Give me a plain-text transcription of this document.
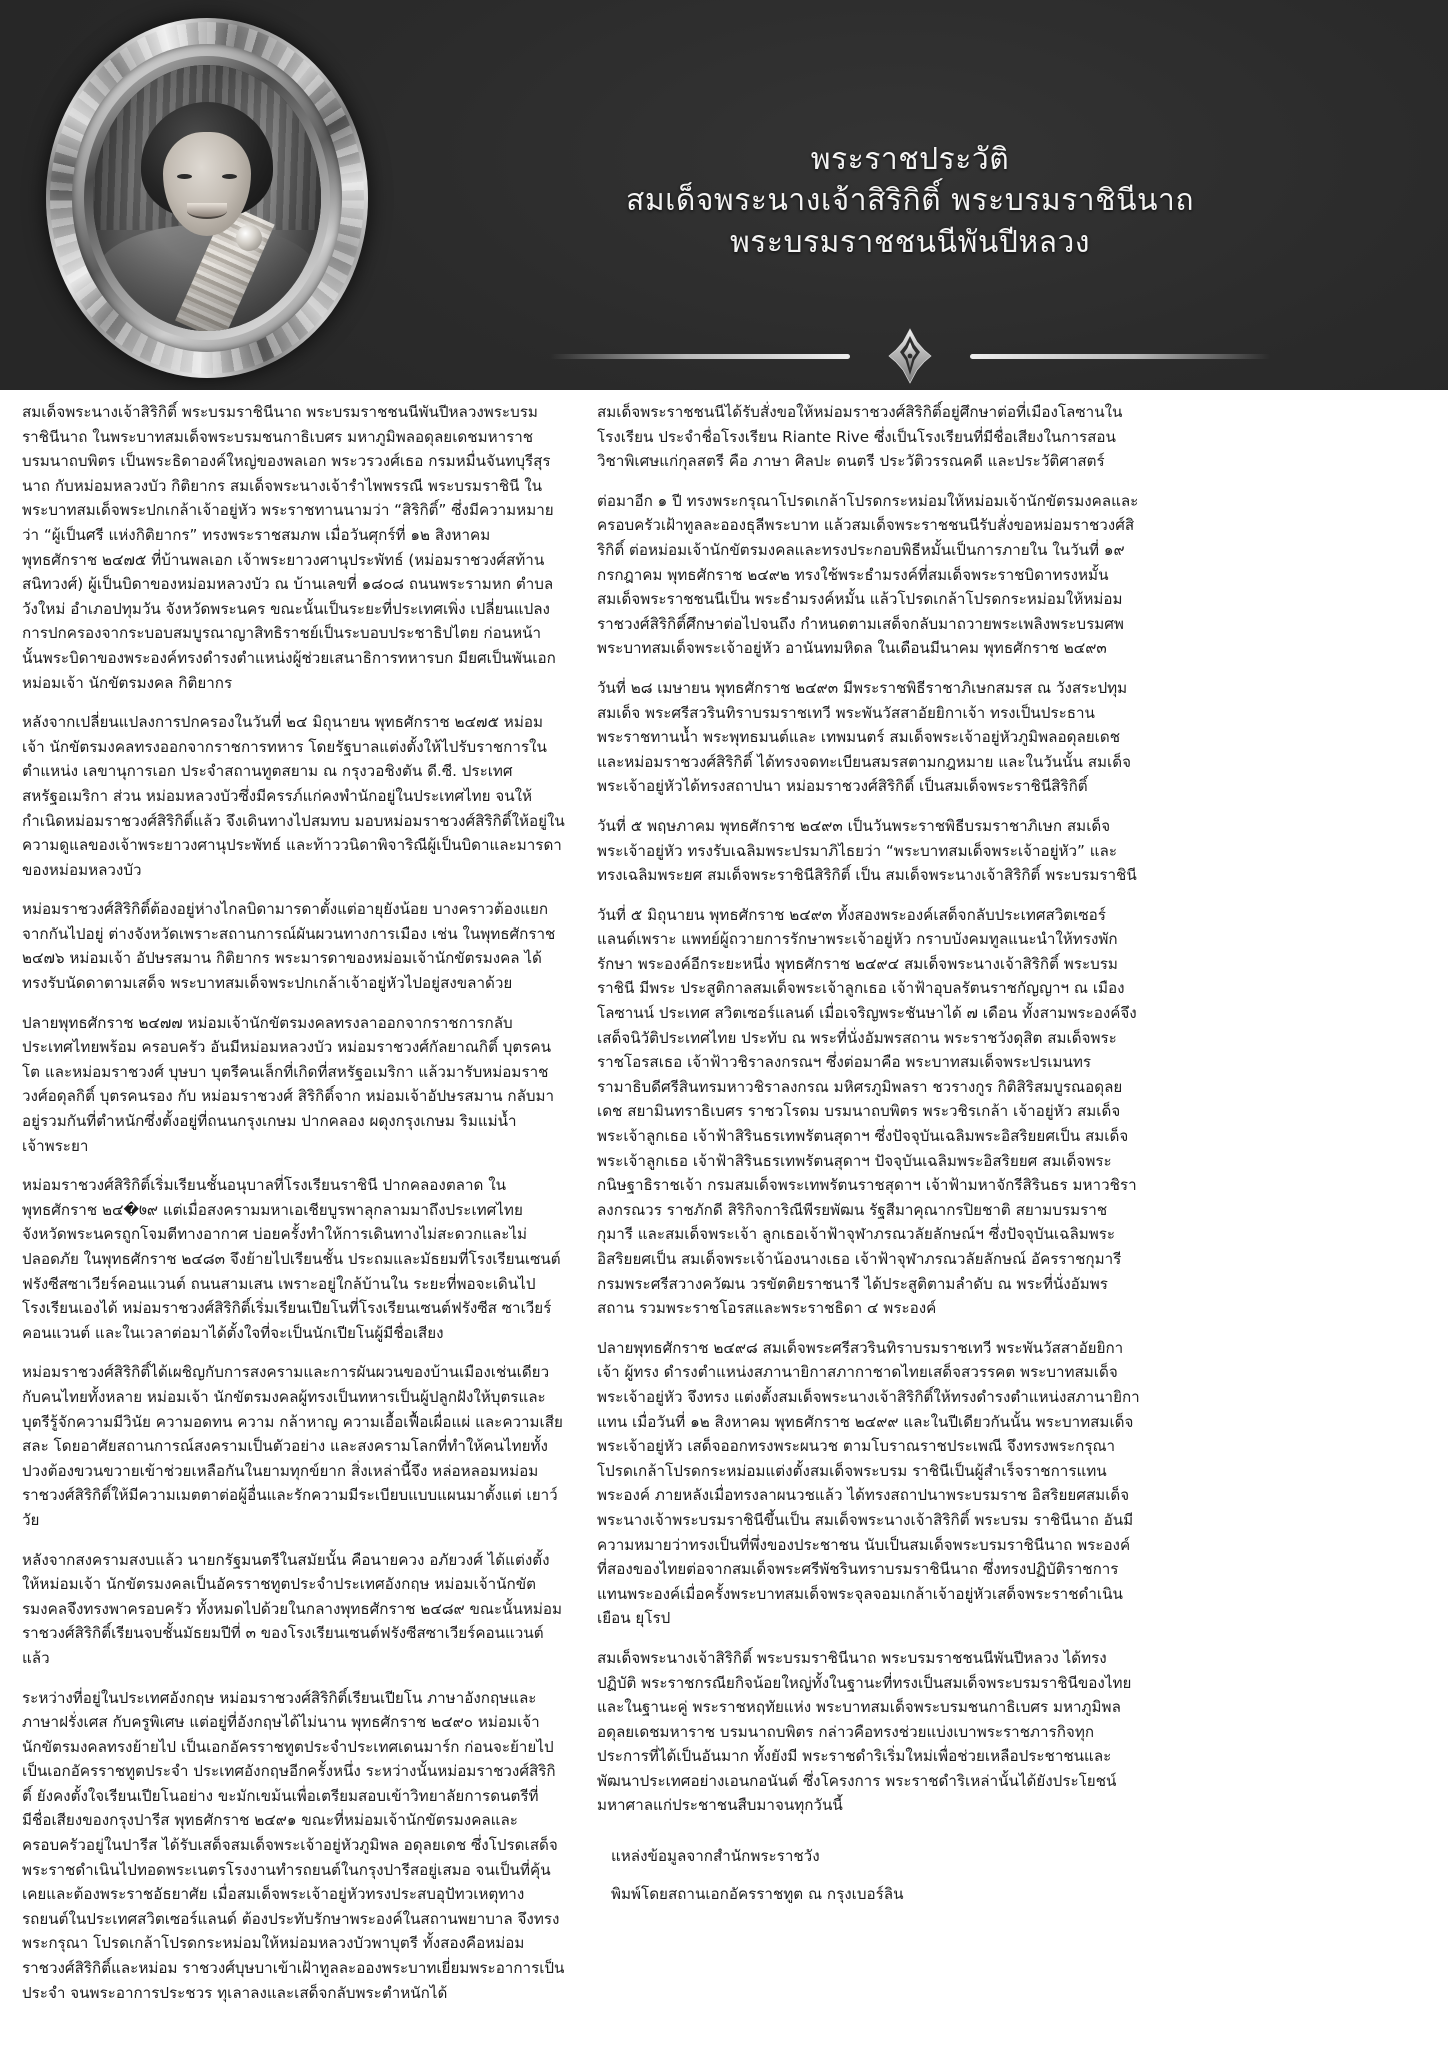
พระราชประวัติ
สมเด็จพระนางเจ้าสิริกิติ์ พระบรมราชินีนาถ
พระบรมราชชนนีพันปีหลวง

สมเด็จพระนางเจ้าสิริกิติ์ พระบรมราชินีนาถ พระบรมราชชนนีพันปีหลวงพระบรมราชินีนาถ ในพระบาทสมเด็จพระบรมชนกาธิเบศร มหาภูมิพลอดุลยเดชมหาราช บรมนาถบพิตร เป็นพระธิดาองค์ใหญ่ของพลเอก พระวรวงศ์เธอ กรมหมื่นจันทบุรีสุรนาถ กับหม่อมหลวงบัว กิติยากร สมเด็จพระนางเจ้ารำไพพรรณี พระบรมราชินี ในพระบาทสมเด็จพระปกเกล้าเจ้าอยู่หัว พระราชทานนามว่า “สิริกิติ์” ซึ่งมีความหมายว่า “ผู้เป็นศรี แห่งกิติยากร” ทรงพระราชสมภพ เมื่อวันศุกร์ที่ ๑๒ สิงหาคม พุทธศักราช ๒๔๗๕ ที่บ้านพลเอก เจ้าพระยาวงศานุประพัทธ์ (หม่อมราชวงศ์สท้าน สนิทวงศ์) ผู้เป็นบิดาของหม่อมหลวงบัว ณ บ้านเลขที่ ๑๘๐๘ ถนนพระรามหก ตำบลวังใหม่ อำเภอปทุมวัน จังหวัดพระนคร ขณะนั้นเป็นระยะที่ประเทศเพิ่ง เปลี่ยนแปลงการปกครองจากระบอบสมบูรณาญาสิทธิราชย์เป็นระบอบประชาธิปไตย ก่อนหน้า นั้นพระบิดาของพระองค์ทรงดำรงตำแหน่งผู้ช่วยเสนาธิการทหารบก มียศเป็นพันเอก หม่อมเจ้า นักขัตรมงคล กิติยากร

หลังจากเปลี่ยนแปลงการปกครองในวันที่ ๒๔ มิถุนายน พุทธศักราช ๒๔๗๕ หม่อมเจ้า นักขัตรมงคลทรงออกจากราชการทหาร โดยรัฐบาลแต่งตั้งให้ไปรับราชการในตำแหน่ง เลขานุการเอก ประจำสถานทูตสยาม ณ กรุงวอชิงตัน ดี.ซี. ประเทศสหรัฐอเมริกา ส่วน หม่อมหลวงบัวซึ่งมีครรภ์แก่คงพำนักอยู่ในประเทศไทย จนให้กำเนิดหม่อมราชวงศ์สิริกิติ์แล้ว จึงเดินทางไปสมทบ มอบหม่อมราชวงศ์สิริกิติ์ให้อยู่ในความดูแลของเจ้าพระยาวงศานุประพัทธ์ และท้าววนิดาพิจาริณีผู้เป็นบิดาและมารดาของหม่อมหลวงบัว

หม่อมราชวงศ์สิริกิติ์ต้องอยู่ห่างไกลบิดามารดาตั้งแต่อายุยังน้อย บางคราวต้องแยกจากกันไปอยู่ ต่างจังหวัดเพราะสถานการณ์ผันผวนทางการเมือง เช่น ในพุทธศักราช ๒๔๗๖ หม่อมเจ้า อัปษรสมาน กิติยากร พระมารดาของหม่อมเจ้านักขัตรมงคล ได้ทรงรับนัดดาตามเสด็จ พระบาทสมเด็จพระปกเกล้าเจ้าอยู่หัวไปอยู่สงขลาด้วย

ปลายพุทธศักราช ๒๔๗๗ หม่อมเจ้านักขัตรมงคลทรงลาออกจากราชการกลับประเทศไทยพร้อม ครอบครัว อันมีหม่อมหลวงบัว หม่อมราชวงศ์กัลยาณกิติ์ บุตรคนโต และหม่อมราชวงศ์ บุษบา บุตรีคนเล็กที่เกิดที่สหรัฐอเมริกา แล้วมารับหม่อมราชวงศ์อดุลกิติ์ บุตรคนรอง กับ หม่อมราชวงศ์ สิริกิติ์จาก หม่อมเจ้าอัปษรสมาน กลับมาอยู่รวมกันที่ตำหนักซึ่งตั้งอยู่ที่ถนนกรุงเกษม ปากคลอง ผดุงกรุงเกษม ริมแม่น้ำเจ้าพระยา

หม่อมราชวงศ์สิริกิติ์เริ่มเรียนชั้นอนุบาลที่โรงเรียนราชินี ปากคลองตลาด ในพุทธศักราช ๒๔�७๙ แต่เมื่อสงครามมหาเอเชียบูรพาลุกลามมาถึงประเทศไทย จังหวัดพระนครถูกโจมตีทางอากาศ บ่อยครั้งทำให้การเดินทางไม่สะดวกและไม่ปลอดภัย ในพุทธศักราช ๒๔๘๓ จึงย้ายไปเรียนชั้น ประถมและมัธยมที่โรงเรียนเซนต์ฟรังซีสซาเวียร์คอนแวนต์ ถนนสามเสน เพราะอยู่ใกล้บ้านใน ระยะที่พอจะเดินไปโรงเรียนเองได้ หม่อมราชวงศ์สิริกิติ์เริ่มเรียนเปียโนที่โรงเรียนเซนต์ฟรังซีส ซาเวียร์คอนแวนต์ และในเวลาต่อมาได้ตั้งใจที่จะเป็นนักเปียโนผู้มีชื่อเสียง

หม่อมราชวงศ์สิริกิติ์ได้เผชิญกับการสงครามและการผันผวนของบ้านเมืองเช่นเดียวกับคนไทยทั้งหลาย หม่อมเจ้า นักขัตรมงคลผู้ทรงเป็นทหารเป็นผู้ปลูกฝังให้บุตรและบุตรีรู้จักความมีวินัย ความอดทน ความ กล้าหาญ ความเอื้อเฟื้อเผื่อแผ่ และความเสียสละ โดยอาศัยสถานการณ์สงครามเป็นตัวอย่าง และสงครามโลกที่ทำให้คนไทยทั้งปวงต้องขวนขวายเข้าช่วยเหลือกันในยามทุกข์ยาก สิ่งเหล่านี้จึง หล่อหลอมหม่อมราชวงศ์สิริกิติ์ให้มีความเมตตาต่อผู้อื่นและรักความมีระเบียบแบบแผนมาตั้งแต่ เยาว์วัย

หลังจากสงครามสงบแล้ว นายกรัฐมนตรีในสมัยนั้น คือนายควง อภัยวงศ์ ได้แต่งตั้งให้หม่อมเจ้า นักขัตรมงคลเป็นอัครราชทูตประจำประเทศอังกฤษ หม่อมเจ้านักขัตรมงคลจึงทรงพาครอบครัว ทั้งหมดไปด้วยในกลางพุทธศักราช ๒๔๘๙ ขณะนั้นหม่อมราชวงศ์สิริกิติ์เรียนจบชั้นมัธยมปีที่ ๓ ของโรงเรียนเซนต์ฟรังซีสซาเวียร์คอนแวนต์แล้ว

ระหว่างที่อยู่ในประเทศอังกฤษ หม่อมราชวงศ์สิริกิติ์เรียนเปียโน ภาษาอังกฤษและภาษาฝรั่งเศส กับครูพิเศษ แต่อยู่ที่อังกฤษได้ไม่นาน พุทธศักราช ๒๔๙๐ หม่อมเจ้านักขัตรมงคลทรงย้ายไป เป็นเอกอัครราชทูตประจำประเทศเดนมาร์ก ก่อนจะย้ายไปเป็นเอกอัครราชทูตประจำ ประเทศอังกฤษอีกครั้งหนึ่ง ระหว่างนั้นหม่อมราชวงศ์สิริกิติ์ ยังคงตั้งใจเรียนเปียโนอย่าง ขะมักเขม้นเพื่อเตรียมสอบเข้าวิทยาลัยการดนตรีที่มีชื่อเสียงของกรุงปารีส พุทธศักราช ๒๔๙๑ ขณะที่หม่อมเจ้านักขัตรมงคลและครอบครัวอยู่ในปารีส ได้รับเสด็จสมเด็จพระเจ้าอยู่หัวภูมิพล อดุลยเดช ซึ่งโปรดเสด็จพระราชดำเนินไปทอดพระเนตรโรงงานทำรถยนต์ในกรุงปารีสอยู่เสมอ จนเป็นที่คุ้นเคยและต้องพระราชอัธยาศัย เมื่อสมเด็จพระเจ้าอยู่หัวทรงประสบอุปัทวเหตุทาง รถยนต์ในประเทศสวิตเซอร์แลนด์ ต้องประทับรักษาพระองค์ในสถานพยาบาล จึงทรงพระกรุณา โปรดเกล้าโปรดกระหม่อมให้หม่อมหลวงบัวพาบุตรี ทั้งสองคือหม่อมราชวงศ์สิริกิติ์และหม่อม ราชวงศ์บุษบาเข้าเฝ้าทูลละอองพระบาทเยี่ยมพระอาการเป็นประจำ จนพระอาการประชวร ทุเลาลงและเสด็จกลับพระตำหนักได้

สมเด็จพระราชชนนีได้รับสั่งขอให้หม่อมราชวงศ์สิริกิติ์อยู่ศึกษาต่อที่เมืองโลซานในโรงเรียน ประจำชื่อโรงเรียน Riante Rive ซึ่งเป็นโรงเรียนที่มีชื่อเสียงในการสอนวิชาพิเศษแก่กุลสตรี คือ ภาษา ศิลปะ ดนตรี ประวัติวรรณคดี และประวัติศาสตร์

ต่อมาอีก ๑ ปี ทรงพระกรุณาโปรดเกล้าโปรดกระหม่อมให้หม่อมเจ้านักขัตรมงคลและ ครอบครัวเฝ้าทูลละอองธุลีพระบาท แล้วสมเด็จพระราชชนนีรับสั่งขอหม่อมราชวงศ์สิริกิติ์ ต่อหม่อมเจ้านักขัตรมงคลและทรงประกอบพิธีหมั้นเป็นการภายใน ในวันที่ ๑๙ กรกฎาคม พุทธศักราช ๒๔๙๒ ทรงใช้พระธำมรงค์ที่สมเด็จพระราชบิดาทรงหมั้นสมเด็จพระราชชนนีเป็น พระธำมรงค์หมั้น แล้วโปรดเกล้าโปรดกระหม่อมให้หม่อมราชวงศ์สิริกิติ์ศึกษาต่อไปจนถึง กำหนดตามเสด็จกลับมาถวายพระเพลิงพระบรมศพพระบาทสมเด็จพระเจ้าอยู่หัว อานันทมหิดล ในเดือนมีนาคม พุทธศักราช ๒๔๙๓

วันที่ ๒๘ เมษายน พุทธศักราช ๒๔๙๓ มีพระราชพิธีราชาภิเษกสมรส ณ วังสระปทุม สมเด็จ พระศรีสวรินทิราบรมราชเทวี พระพันวัสสาอัยยิกาเจ้า ทรงเป็นประธานพระราชทานน้ำ พระพุทธมนต์และ เทพมนตร์ สมเด็จพระเจ้าอยู่หัวภูมิพลอดุลยเดช และหม่อมราชวงศ์สิริกิติ์ ได้ทรงจดทะเบียนสมรสตามกฎหมาย และในวันนั้น สมเด็จพระเจ้าอยู่หัวได้ทรงสถาปนา หม่อมราชวงศ์สิริกิติ์ เป็นสมเด็จพระราชินีสิริกิติ์

วันที่ ๕ พฤษภาคม พุทธศักราช ๒๔๙๓ เป็นวันพระราชพิธีบรมราชาภิเษก สมเด็จ พระเจ้าอยู่หัว ทรงรับเฉลิมพระปรมาภิไธยว่า “พระบาทสมเด็จพระเจ้าอยู่หัว” และ ทรงเฉลิมพระยศ สมเด็จพระราชินีสิริกิติ์ เป็น สมเด็จพระนางเจ้าสิริกิติ์ พระบรมราชินี

วันที่ ๕ มิถุนายน พุทธศักราช ๒๔๙๓ ทั้งสองพระองค์เสด็จกลับประเทศสวิตเซอร์แลนด์เพราะ แพทย์ผู้ถวายการรักษาพระเจ้าอยู่หัว กราบบังคมทูลแนะนำให้ทรงพักรักษา พระองค์อีกระยะหนึ่ง พุทธศักราช ๒๔๙๔ สมเด็จพระนางเจ้าสิริกิติ์ พระบรมราชินี มีพระ ประสูติกาลสมเด็จพระเจ้าลูกเธอ เจ้าฟ้าอุบลรัตนราชกัญญาฯ ณ เมืองโลซานน์ ประเทศ สวิตเซอร์แลนด์ เมื่อเจริญพระชันษาได้ ๗ เดือน ทั้งสามพระองค์จึงเสด็จนิวัติประเทศไทย ประทับ ณ พระที่นั่งอัมพรสถาน พระราชวังดุสิต สมเด็จพระราชโอรสเธอ เจ้าฟ้าวชิราลงกรณฯ ซึ่งต่อมาคือ พระบาทสมเด็จพระปรเมนทรรามาธิบดีศรีสินทรมหาวชิราลงกรณ มหิศรภูมิพลรา ชวรางกูร กิติสิริสมบูรณอดุลยเดช สยามินทราธิเบศร ราชวโรดม บรมนาถบพิตร พระวชิรเกล้า เจ้าอยู่หัว สมเด็จพระเจ้าลูกเธอ เจ้าฟ้าสิรินธรเทพรัตนสุดาฯ ซึ่งปัจจุบันเฉลิมพระอิสริยยศเป็น สมเด็จพระเจ้าลูกเธอ เจ้าฟ้าสิรินธรเทพรัตนสุดาฯ ปัจจุบันเฉลิมพระอิสริยยศ สมเด็จพระ กนิษฐาธิราชเจ้า กรมสมเด็จพระเทพรัตนราชสุดาฯ เจ้าฟ้ามหาจักรีสิรินธร มหาวชิราลงกรณวร ราชภักดี สิริกิจการิณีพีรยพัฒน รัฐสีมาคุณากรปิยชาติ สยามบรมราชกุมารี และสมเด็จพระเจ้า ลูกเธอเจ้าฟ้าจุฬาภรณวลัยลักษณ์ฯ ซึ่งปัจจุบันเฉลิมพระอิสริยยศเป็น สมเด็จพระเจ้าน้องนางเธอ เจ้าฟ้าจุฬาภรณวลัยลักษณ์ อัครราชกุมารี กรมพระศรีสวางควัฒน วรขัตติยราชนารี ได้ประสูติตามลำดับ ณ พระที่นั่งอัมพรสถาน รวมพระราชโอรสและพระราชธิดา ๔ พระองค์

ปลายพุทธศักราช ๒๔๙๘ สมเด็จพระศรีสวรินทิราบรมราชเทวี พระพันวัสสาอัยยิกาเจ้า ผู้ทรง ดำรงตำแหน่งสภานายิกาสภากาชาดไทยเสด็จสวรรคต พระบาทสมเด็จพระเจ้าอยู่หัว จึงทรง แต่งตั้งสมเด็จพระนางเจ้าสิริกิติ์ให้ทรงดำรงตำแหน่งสภานายิกาแทน เมื่อวันที่ ๑๒ สิงหาคม พุทธศักราช ๒๔๙๙ และในปีเดียวกันนั้น พระบาทสมเด็จพระเจ้าอยู่หัว เสด็จออกทรงพระผนวช ตามโบราณราชประเพณี จึงทรงพระกรุณาโปรดเกล้าโปรดกระหม่อมแต่งตั้งสมเด็จพระบรม ราชินีเป็นผู้สำเร็จราชการแทนพระองค์ ภายหลังเมื่อทรงลาผนวชแล้ว ได้ทรงสถาปนาพระบรมราช อิสริยยศสมเด็จพระนางเจ้าพระบรมราชินีขึ้นเป็น สมเด็จพระนางเจ้าสิริกิติ์ พระบรม ราชินีนาถ อันมีความหมายว่าทรงเป็นที่พึ่งของประชาชน นับเป็นสมเด็จพระบรมราชินีนาถ พระองค์ที่สองของไทยต่อจากสมเด็จพระศรีพัชรินทราบรมราชินีนาถ ซึ่งทรงปฏิบัติราชการ แทนพระองค์เมื่อครั้งพระบาทสมเด็จพระจุลจอมเกล้าเจ้าอยู่หัวเสด็จพระราชดำเนินเยือน ยุโรป

สมเด็จพระนางเจ้าสิริกิติ์ พระบรมราชินีนาถ พระบรมราชชนนีพันปีหลวง ได้ทรงปฏิบัติ พระราชกรณียกิจน้อยใหญ่ทั้งในฐานะที่ทรงเป็นสมเด็จพระบรมราชินีของไทย และในฐานะคู่ พระราชหฤทัยแห่ง พระบาทสมเด็จพระบรมชนกาธิเบศร มหาภูมิพลอดุลยเดชมหาราช บรมนาถบพิตร กล่าวคือทรงช่วยแบ่งเบาพระราชภารกิจทุกประการที่ได้เป็นอันมาก ทั้งยังมี พระราชดำริเริ่มใหม่เพื่อช่วยเหลือประชาชนและพัฒนาประเทศอย่างเอนกอนันต์ ซึ่งโครงการ พระราชดำริเหล่านั้นได้ยังประโยชน์มหาศาลแก่ประชาชนสืบมาจนทุกวันนี้

แหล่งข้อมูลจากสำนักพระราชวัง

พิมพ์โดยสถานเอกอัครราชทูต ณ กรุงเบอร์ลิน
